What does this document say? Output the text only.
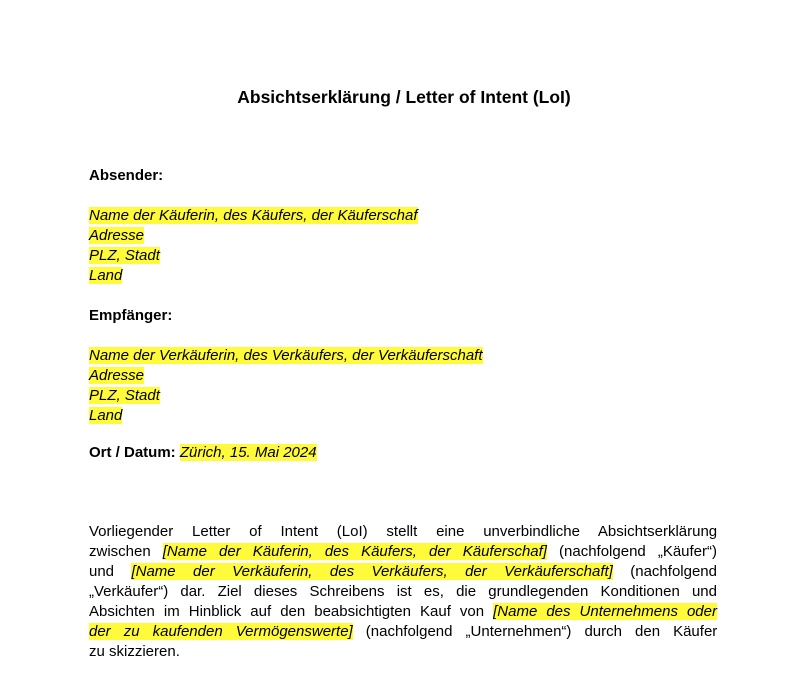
Absichtserklärung / Letter of Intent (LoI)
Absender:
Name der Käuferin, des Käufers, der Käuferschaf
Adresse
PLZ, Stadt
Land
Empfänger:
Name der Verkäuferin, des Verkäufers, der Verkäuferschaft
Adresse
PLZ, Stadt
Land
Ort / Datum: Zürich, 15. Mai 2024
Vorliegender Letter of Intent (LoI) stellt eine unverbindliche Absichtserklärung
zwischen [Name der Käuferin, des Käufers, der Käuferschaf] (nachfolgend „Käufer“)
und [Name der Verkäuferin, des Verkäufers, der Verkäuferschaft] (nachfolgend
„Verkäufer“) dar. Ziel dieses Schreibens ist es, die grundlegenden Konditionen und
Absichten im Hinblick auf den beabsichtigten Kauf von [Name des Unternehmens oder
der zu kaufenden Vermögenswerte] (nachfolgend „Unternehmen“) durch den Käufer
zu skizzieren.
